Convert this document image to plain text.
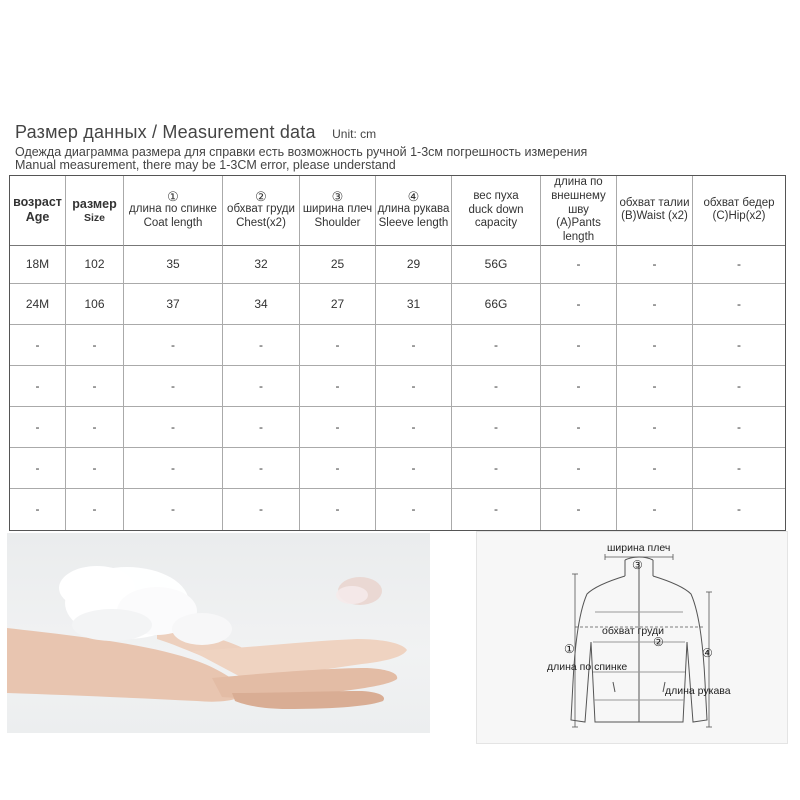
Размер данных / Measurement data Unit: cm
Одежда диаграмма размера для справки есть возможность ручной 1-3см погрешность измерения
Manual measurement, there may be 1-3CM error, please understand
возраст
Age	размер
Size	①
длина по спинке
Coat length	②
обхват груди
Chest(x2)	③
ширина плеч
Shoulder	④
длина рукава
Sleeve length	вес пуха
duck down
capacity	длина по
внешнему шву
(A)Pants length	обхват талии
(B)Waist (x2)	обхват бедер
(C)Hip(x2)

18M	102	35	32	25	29	56G	-	-	-
24M	106	37	34	27	31	66G	-	-	-
-	-	-	-	-	-	-	-	-	-
-	-	-	-	-	-	-	-	-	-
-	-	-	-	-	-	-	-	-	-
-	-	-	-	-	-	-	-	-	-
-	-	-	-	-	-	-	-	-	-
ширина плеч
③
обхват груди
②
①
длина по спинке
④
длина рукава
